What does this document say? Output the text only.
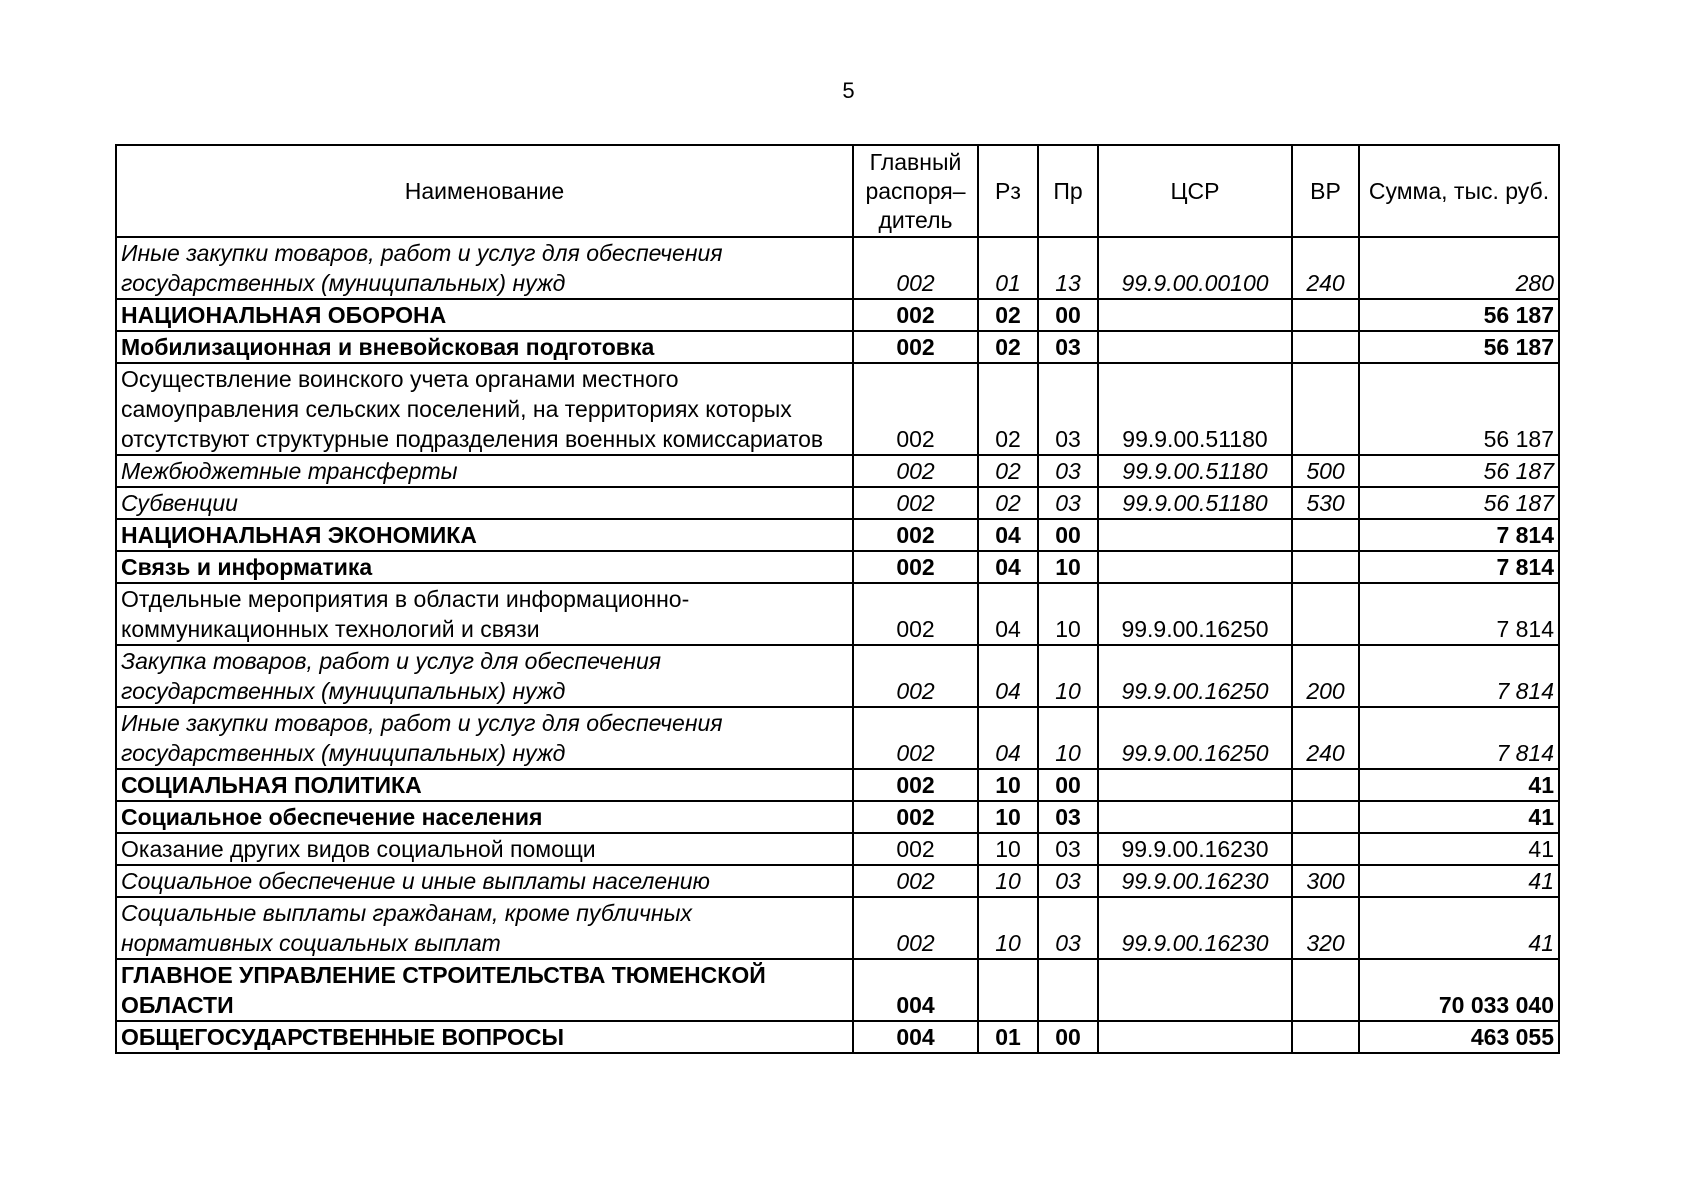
5
Наименование	Главный распоря– дитель	Рз	Пр	ЦСР	ВР	Сумма, тыс. руб.
Иные закупки товаров, работ и услуг для обеспечения государственных (муниципальных) нужд	002	01	13	99.9.00.00100	240	280
НАЦИОНАЛЬНАЯ ОБОРОНА	002	02	00			56 187
Мобилизационная и вневойсковая подготовка	002	02	03			56 187
Осуществление воинского учета органами местного самоуправления сельских поселений, на территориях которых отсутствуют структурные подразделения военных комиссариатов	002	02	03	99.9.00.51180		56 187
Межбюджетные трансферты	002	02	03	99.9.00.51180	500	56 187
Субвенции	002	02	03	99.9.00.51180	530	56 187
НАЦИОНАЛЬНАЯ ЭКОНОМИКА	002	04	00			7 814
Связь и информатика	002	04	10			7 814
Отдельные мероприятия в области информационно-коммуникационных технологий и связи	002	04	10	99.9.00.16250		7 814
Закупка товаров, работ и услуг для обеспечения государственных (муниципальных) нужд	002	04	10	99.9.00.16250	200	7 814
Иные закупки товаров, работ и услуг для обеспечения государственных (муниципальных) нужд	002	04	10	99.9.00.16250	240	7 814
СОЦИАЛЬНАЯ ПОЛИТИКА	002	10	00			41
Социальное обеспечение населения	002	10	03			41
Оказание других видов социальной помощи	002	10	03	99.9.00.16230		41
Социальное обеспечение и иные выплаты населению	002	10	03	99.9.00.16230	300	41
Социальные выплаты гражданам, кроме публичных нормативных социальных выплат	002	10	03	99.9.00.16230	320	41
ГЛАВНОЕ УПРАВЛЕНИЕ СТРОИТЕЛЬСТВА ТЮМЕНСКОЙ ОБЛАСТИ	004					70 033 040
ОБЩЕГОСУДАРСТВЕННЫЕ ВОПРОСЫ	004	01	00			463 055
